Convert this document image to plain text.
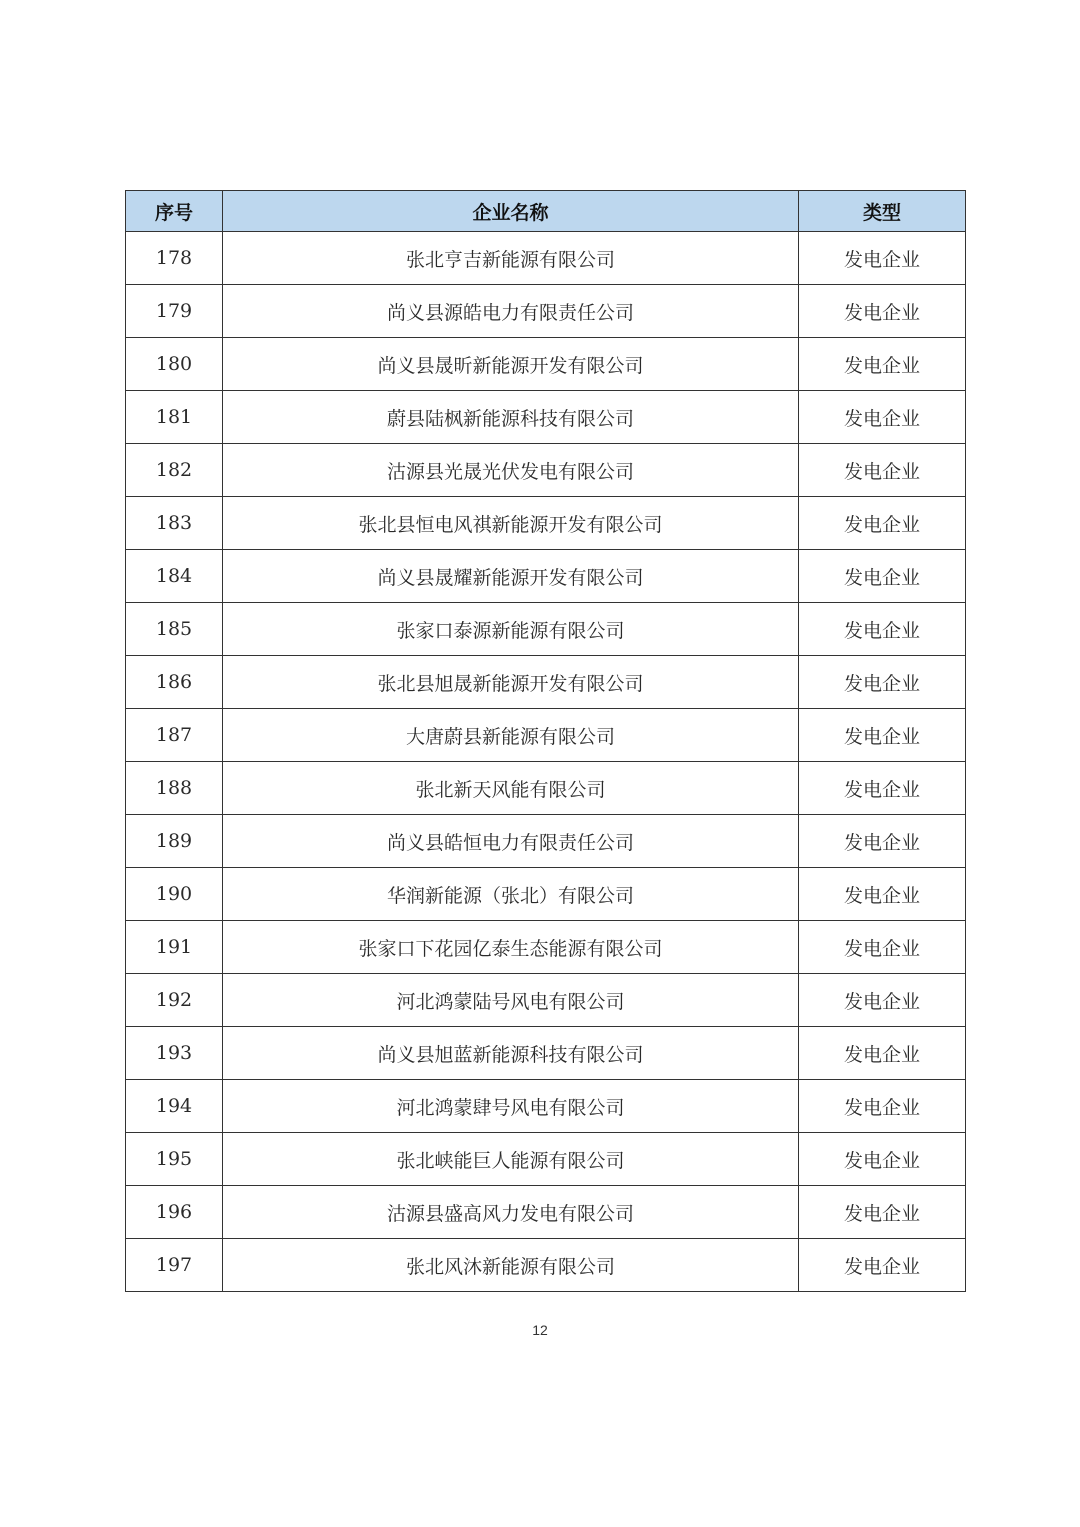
序号	企业名称	类型
178	张北亨吉新能源有限公司	发电企业
179	尚义县源皓电力有限责任公司	发电企业
180	尚义县晟昕新能源开发有限公司	发电企业
181	蔚县陆枫新能源科技有限公司	发电企业
182	沽源县光晟光伏发电有限公司	发电企业
183	张北县恒电风祺新能源开发有限公司	发电企业
184	尚义县晟耀新能源开发有限公司	发电企业
185	张家口泰源新能源有限公司	发电企业
186	张北县旭晟新能源开发有限公司	发电企业
187	大唐蔚县新能源有限公司	发电企业
188	张北新天风能有限公司	发电企业
189	尚义县皓恒电力有限责任公司	发电企业
190	华润新能源（张北）有限公司	发电企业
191	张家口下花园亿泰生态能源有限公司	发电企业
192	河北鸿蒙陆号风电有限公司	发电企业
193	尚义县旭蓝新能源科技有限公司	发电企业
194	河北鸿蒙肆号风电有限公司	发电企业
195	张北峡能巨人能源有限公司	发电企业
196	沽源县盛高风力发电有限公司	发电企业
197	张北风沐新能源有限公司	发电企业
12
